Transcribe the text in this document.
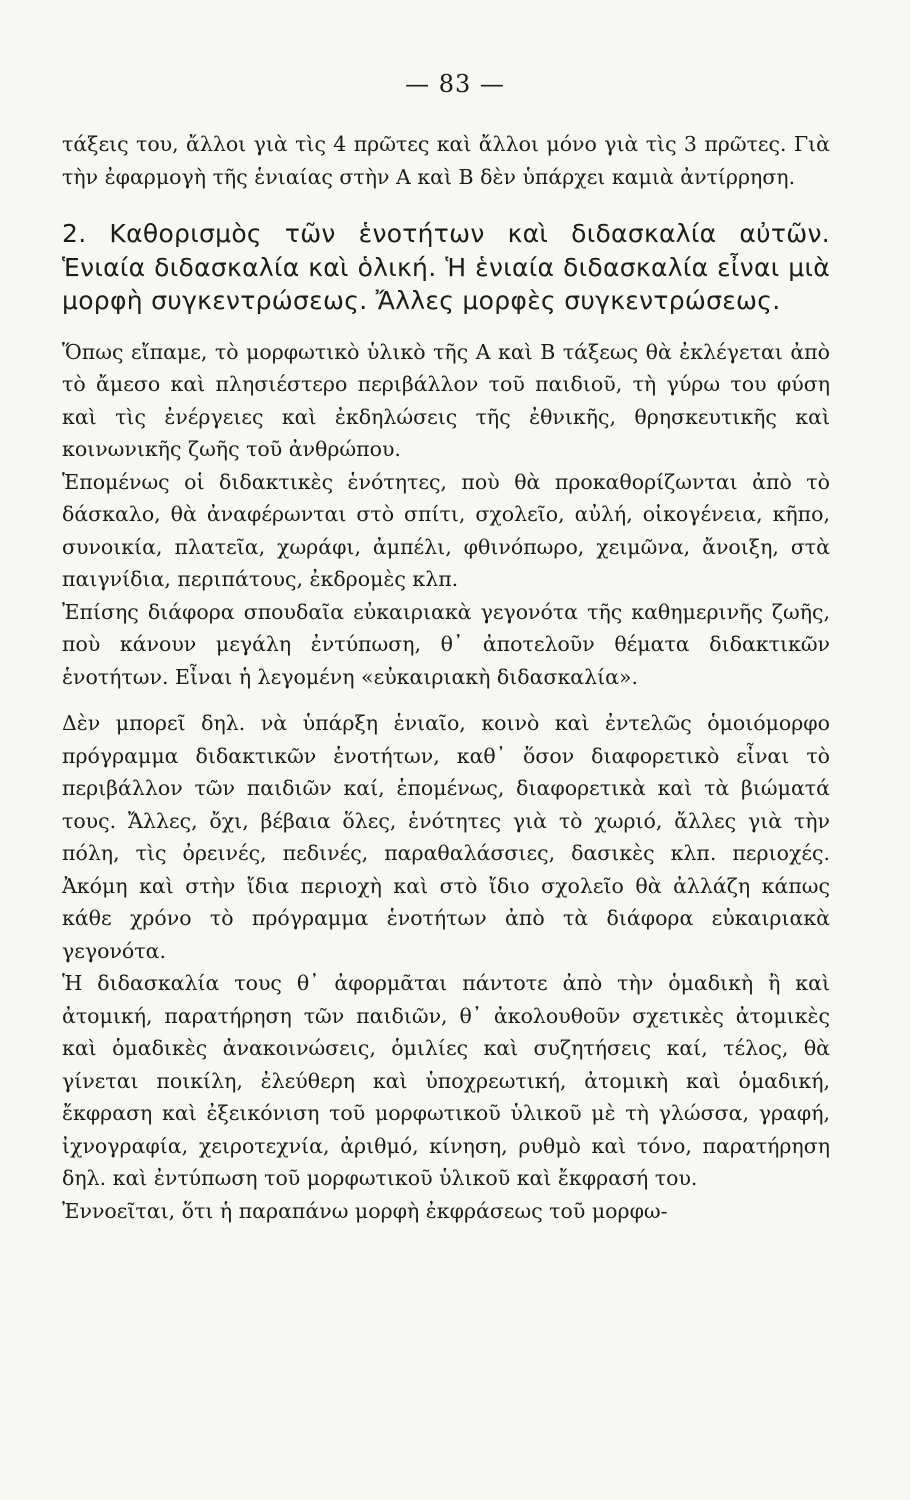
— 83 —

τάξεις του, ἄλλοι γιὰ τὶς 4 πρῶτες καὶ ἄλλοι μόνο γιὰ τὶς 3 πρῶτες. Γιὰ τὴν ἐφαρμογὴ τῆς ἑνιαίας στὴν Α καὶ Β δὲν ὑπάρχει καμιὰ ἀντίρρηση.

2. Καθορισμὸς τῶν ἑνοτήτων καὶ διδασκαλία αὐτῶν. Ἑνιαία διδασκαλία καὶ ὁλική. Ἡ ἑνιαία διδασκαλία εἶναι μιὰ μορφὴ συγκεντρώσεως. Ἄλλες μορφὲς συγκεντρώσεως.

Ὅπως εἴπαμε, τὸ μορφωτικὸ ὑλικὸ τῆς Α καὶ Β τάξεως θὰ ἐκλέγεται ἀπὸ τὸ ἄμεσο καὶ πλησιέστερο περιβάλλον τοῦ παιδιοῦ, τὴ γύρω του φύση καὶ τὶς ἐνέργειες καὶ ἐκδηλώσεις τῆς ἐθνικῆς, θρησκευτικῆς καὶ κοινωνικῆς ζωῆς τοῦ ἀνθρώπου.

Ἑπομένως οἱ διδακτικὲς ἑνότητες, ποὺ θὰ προκαθορίζωνται ἀπὸ τὸ δάσκαλο, θὰ ἀναφέρωνται στὸ σπίτι, σχολεῖο, αὐλή, οἰκογένεια, κῆπο, συνοικία, πλατεῖα, χωράφι, ἀμπέλι, φθινόπωρο, χειμῶνα, ἄνοιξη, στὰ παιγνίδια, περιπάτους, ἐκδρομὲς κλπ.

Ἐπίσης διάφορα σπουδαῖα εὐκαιριακὰ γεγονότα τῆς καθημερινῆς ζωῆς, ποὺ κάνουν μεγάλη ἐντύπωση, θ᾿ ἀποτελοῦν θέματα διδακτικῶν ἑνοτήτων. Εἶναι ἡ λεγομένη «εὐκαιριακὴ διδασκαλία».

Δὲν μπορεῖ δηλ. νὰ ὑπάρξη ἑνιαῖο, κοινὸ καὶ ἐντελῶς ὁμοιόμορφο πρόγραμμα διδακτικῶν ἑνοτήτων, καθ᾿ ὅσον διαφορετικὸ εἶναι τὸ περιβάλλον τῶν παιδιῶν καί, ἑπομένως, διαφορετικὰ καὶ τὰ βιώματά τους. Ἄλλες, ὄχι, βέβαια ὅλες, ἑνότητες γιὰ τὸ χωριό, ἄλλες γιὰ τὴν πόλη, τὶς ὀρεινές, πεδινές, παραθαλάσσιες, δασικὲς κλπ. περιοχές. Ἀκόμη καὶ στὴν ἴδια περιοχὴ καὶ στὸ ἴδιο σχολεῖο θὰ ἀλλάζη κάπως κάθε χρόνο τὸ πρόγραμμα ἑνοτήτων ἀπὸ τὰ διάφορα εὐκαιριακὰ γεγονότα.

Ἡ διδασκαλία τους θ᾿ ἀφορμᾶται πάντοτε ἀπὸ τὴν ὁμαδικὴ ἢ καὶ ἀτομική, παρατήρηση τῶν παιδιῶν, θ᾿ ἀκολουθοῦν σχετικὲς ἀτομικὲς καὶ ὁμαδικὲς ἀνακοινώσεις, ὁμιλίες καὶ συζητήσεις καί, τέλος, θὰ γίνεται ποικίλη, ἐλεύθερη καὶ ὑποχρεωτική, ἀτομικὴ καὶ ὁμαδική, ἔκφραση καὶ ἐξεικόνιση τοῦ μορφωτικοῦ ὑλικοῦ μὲ τὴ γλώσσα, γραφή, ἰχνογραφία, χειροτεχνία, ἀριθμό, κίνηση, ρυθμὸ καὶ τόνο, παρατήρηση δηλ. καὶ ἐντύπωση τοῦ μορφωτικοῦ ὑλικοῦ καὶ ἔκφρασή του.

Ἐννοεῖται, ὅτι ἡ παραπάνω μορφὴ ἐκφράσεως τοῦ μορφω-
